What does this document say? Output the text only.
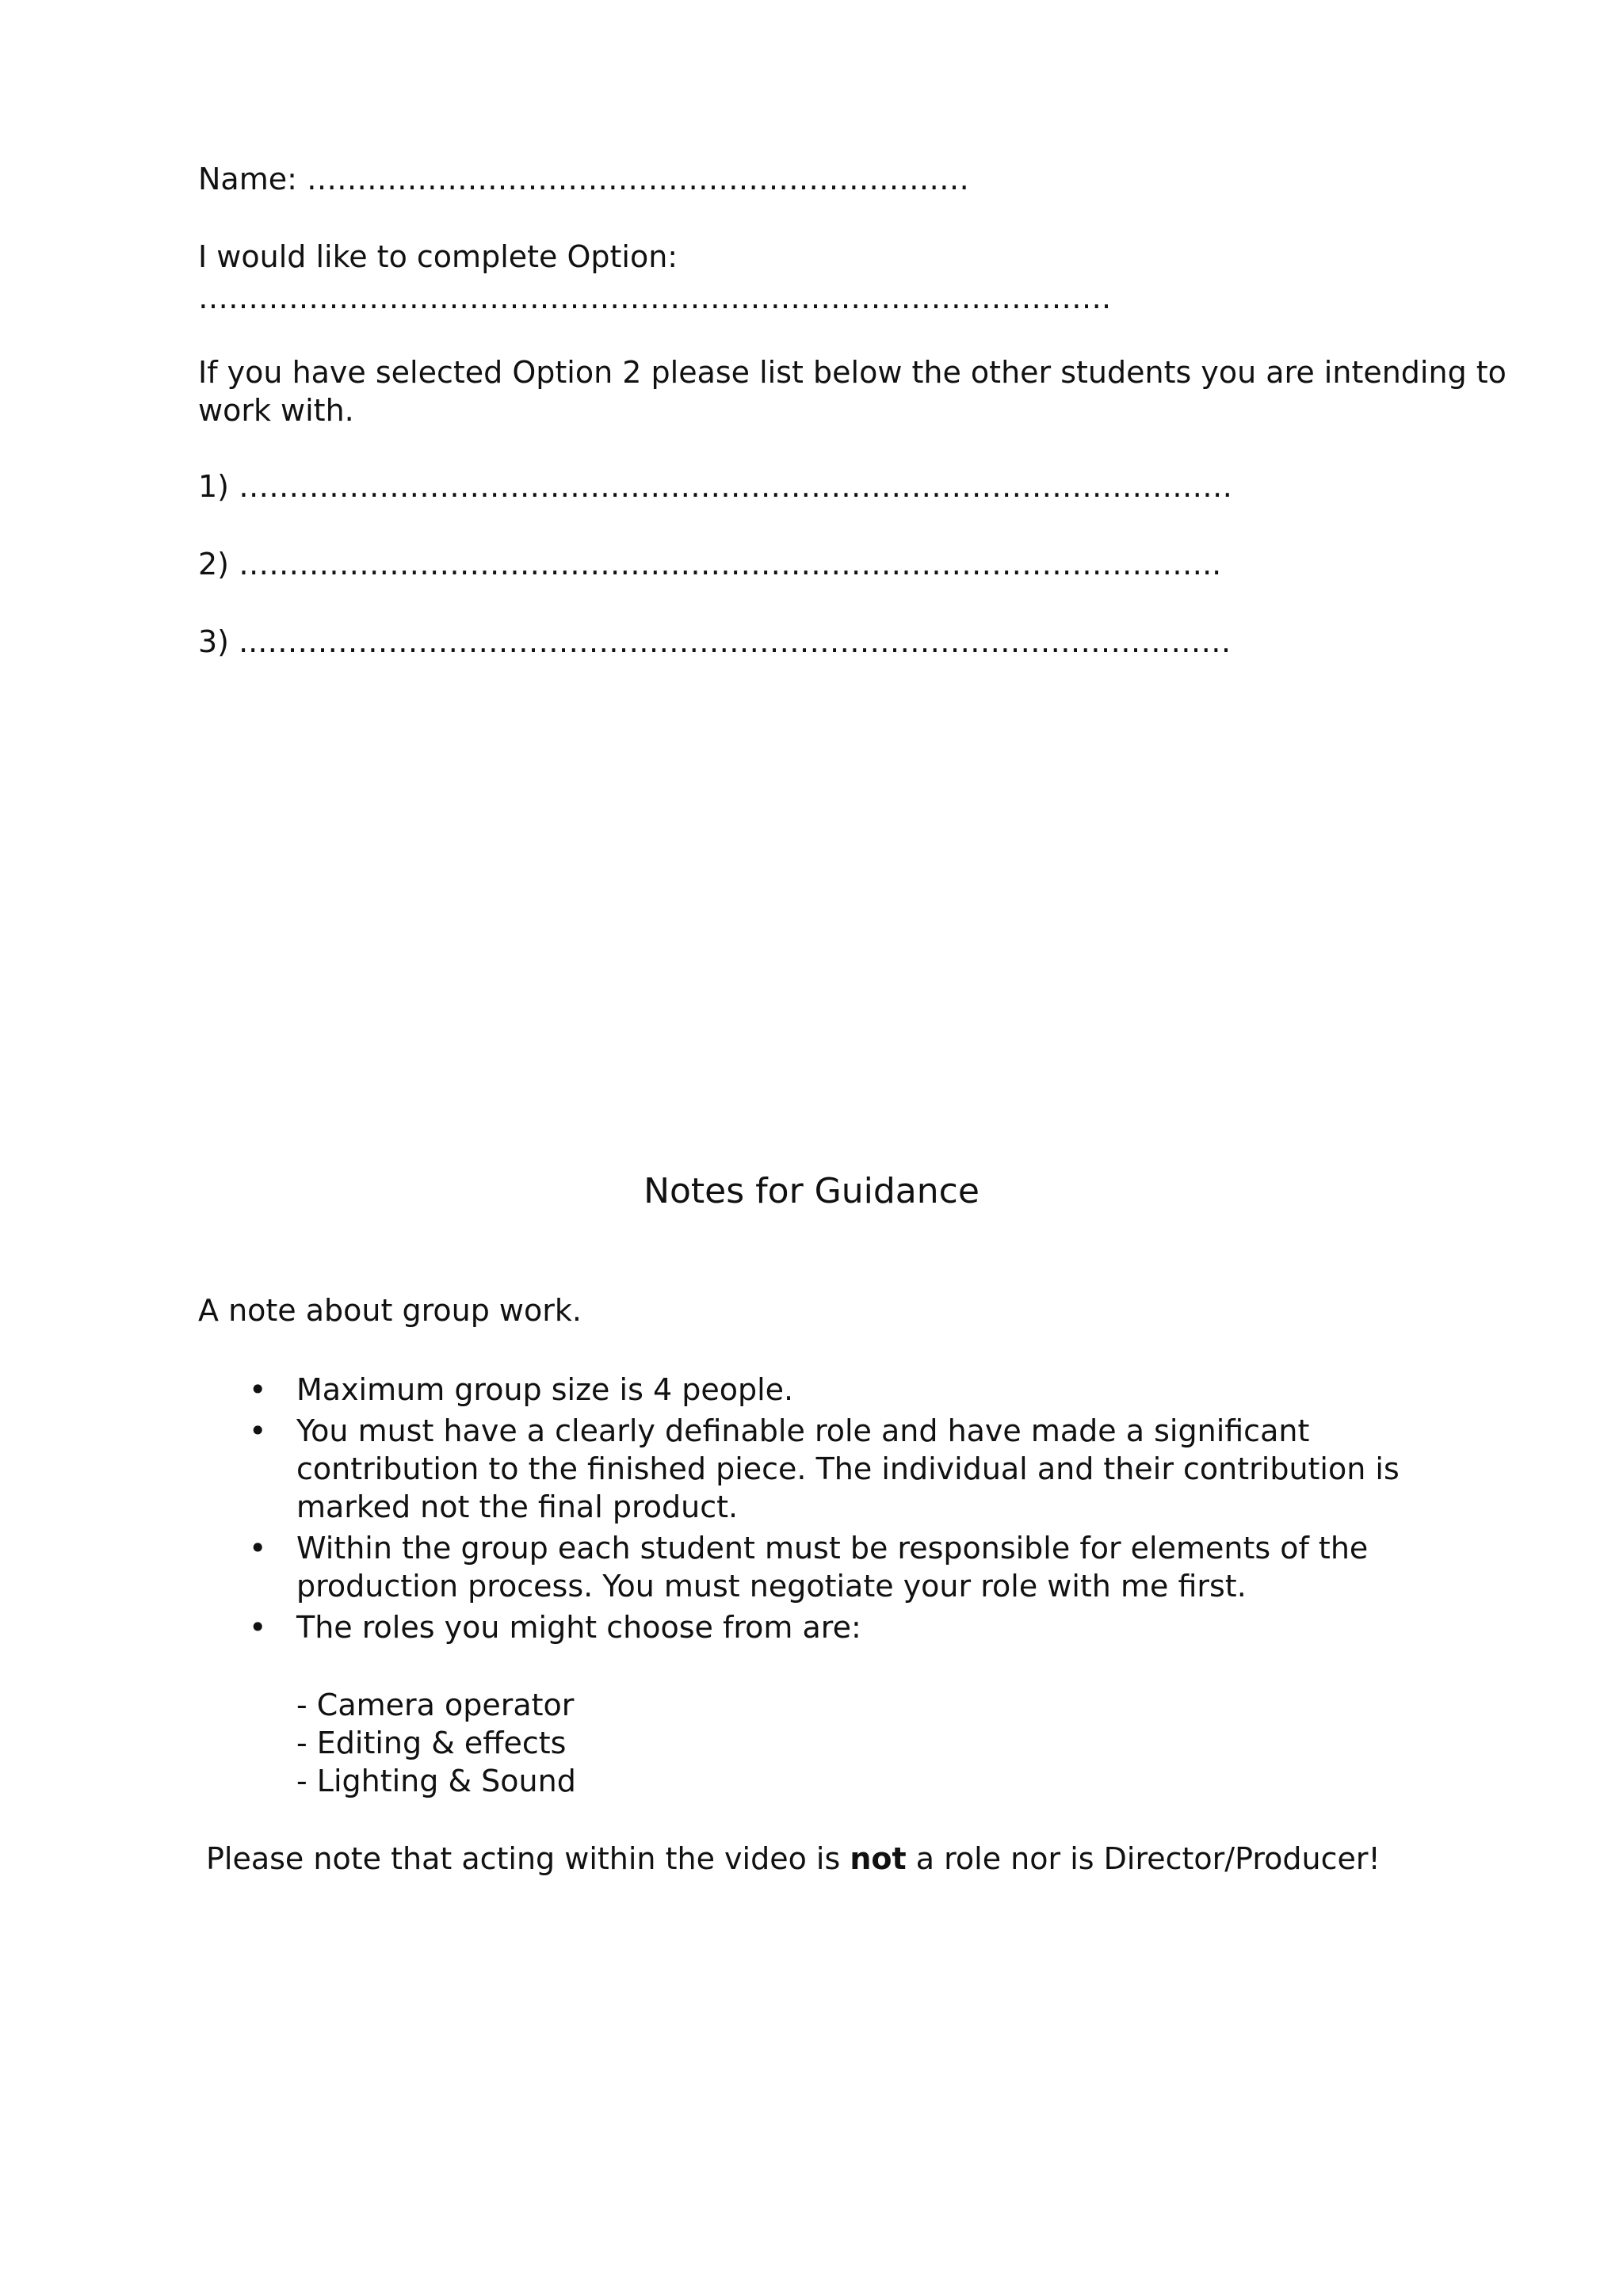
Name: …………………………………………………………
I would like to complete Option:
……………………………………………………………………………….
If you have selected Option 2 please list below the other students you are intending to
work with.
1) ………………………………………………………………………………………
2) ……………………………………………………………………………………..
3) ...……………………………………………………………………………………
Notes for Guidance
A note about group work.
• Maximum group size is 4 people.
• You must have a clearly definable role and have made a significant contribution to the finished piece. The individual and their contribution is marked not the final product.
• Within the group each student must be responsible for elements of the production process. You must negotiate your role with me first.
• The roles you might choose from are:
- Camera operator
- Editing & effects
- Lighting & Sound
Please note that acting within the video is not a role nor is Director/Producer!
